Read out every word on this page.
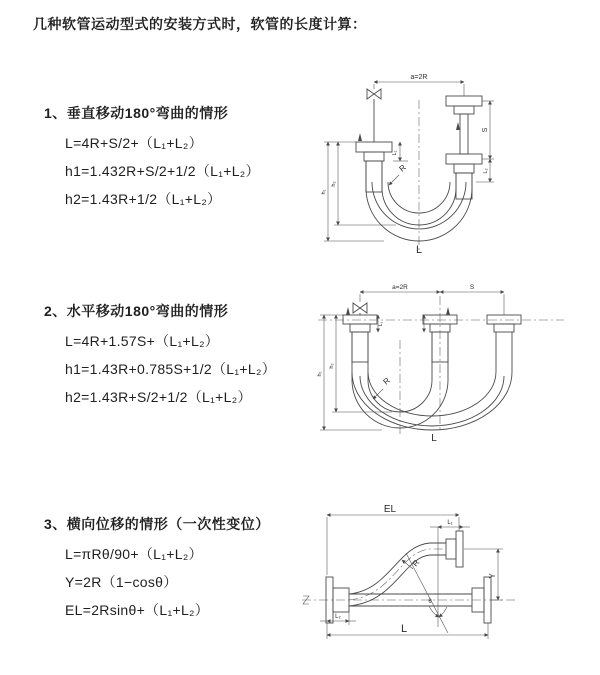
几种软管运动型式的安装方式时，软管的长度计算：
1、垂直移动180°弯曲的情形

L=4R+S/2+（L₁+L₂）

h1=1.432R+S/2+1/2（L₁+L₂）

h2=1.43R+1/2（L₁+L₂）

2、水平移动180°弯曲的情形

L=4R+1.57S+（L₁+L₂）

h1=1.43R+0.785S+1/2（L₁+L₂）

h2=1.43R+S/2+1/2（L₁+L₂）

3、横向位移的情形（一次性变位）

L=πRθ/90+（L₁+L₂）

Y=2R（1−cosθ）

EL=2Rsinθ+（L₁+L₂）

a=2R
L₁
S
L₂
h₁
h₂
R
L
a=2R	S
L₁
h₁
h₂
R
L
EL
L₁
Y
L
L₂
R
θ
